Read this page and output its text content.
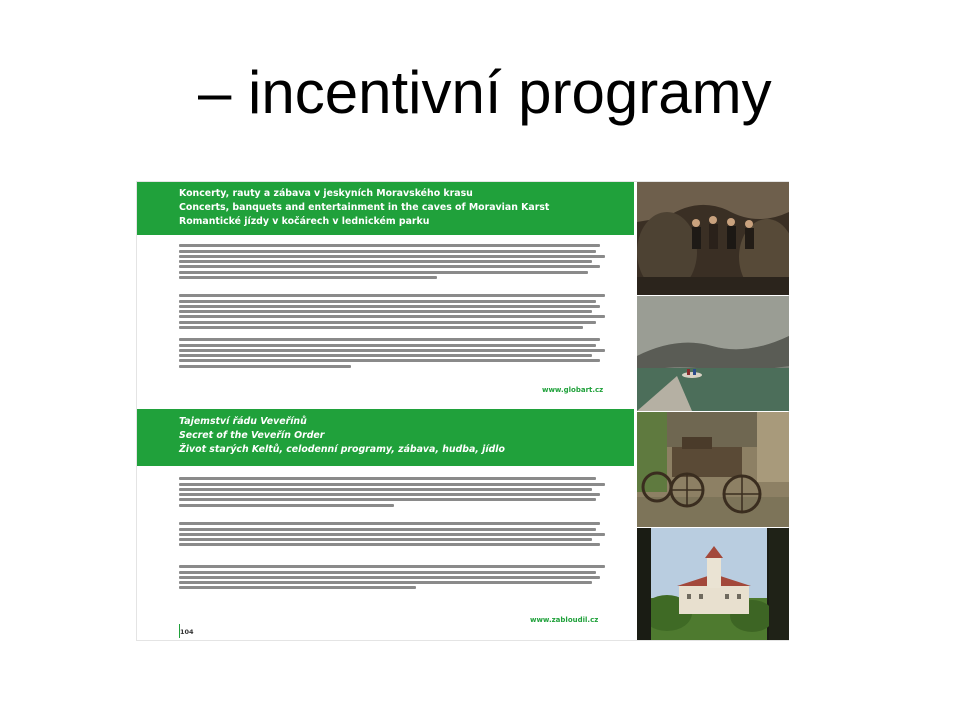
– incentivní programy
Koncerty, rauty a zábava v jeskyních Moravského krasu
Concerts, banquets and entertainment in the caves of Moravian Karst
Romantické jízdy v kočárech v lednickém parku
www.globart.cz
Tajemství řádu Veveřínů
Secret of the Veveřín Order
Život starých Keltů, celodenní programy, zábava, hudba, jídlo
www.zabloudil.cz
104
